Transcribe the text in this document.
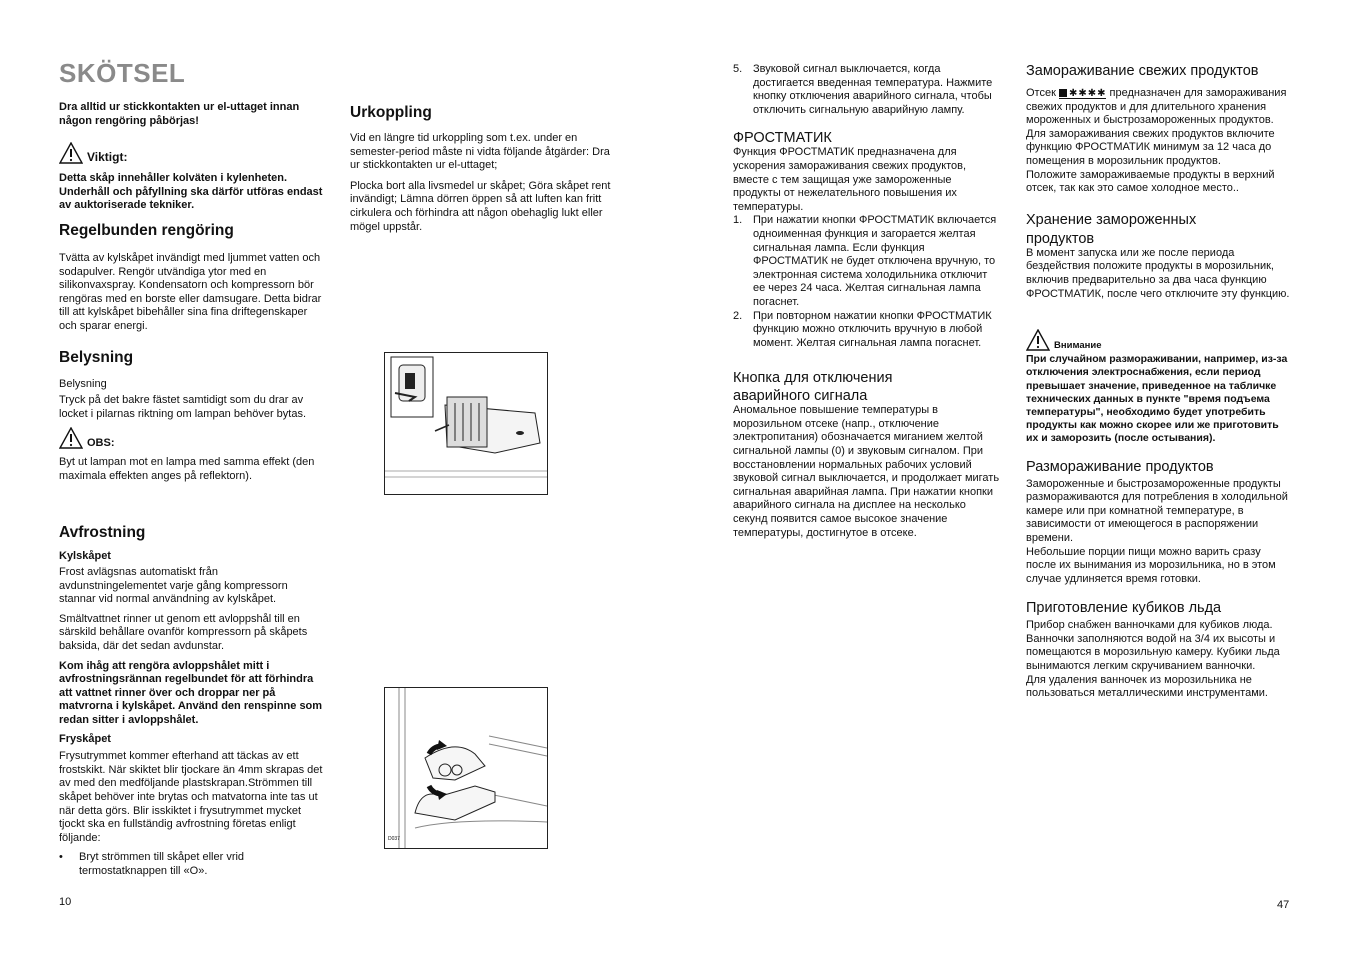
SKÖTSEL

Dra alltid ur stickkontakten ur el-uttaget innan någon rengöring påbörjas!

Viktigt:

Detta skåp innehåller kolväten i kylenheten. Underhåll och påfyllning ska därför utföras endast av auktoriserade tekniker.

Regelbunden rengöring

Tvätta av kylskåpet invändigt med ljummet vatten och sodapulver. Rengör utvändiga ytor med en silikonvaxspray. Kondensatorn och kompressorn bör rengöras med en borste eller damsugare. Detta bidrar till att kylskåpet bibehåller sina fina driftegenskaper och sparar energi.

Belysning

Belysning

Tryck på det bakre fästet samtidigt som du drar av locket i pilarnas riktning om lampan behöver bytas.

OBS:

Byt ut lampan mot en lampa med samma effekt (den maximala effekten anges på reflektorn).

Avfrostning

Kylskåpet

Frost avlägsnas automatiskt från avdunstningelementet varje gång kompressorn stannar vid normal användning av kylskåpet.

Smältvattnet rinner ut genom ett avloppshål till en särskild behållare ovanför kompressorn på skåpets baksida, där det sedan avdunstar.

Kom ihåg att rengöra avloppshålet mitt i avfrostningsrännan regelbundet för att förhindra att vattnet rinner över och droppar ner på matvrorna i kylskåpet. Använd den renspinne som redan sitter i avloppshålet.

Fryskåpet

Frysutrymmet kommer efterhand att täckas av ett frostskikt. När skiktet blir tjockare än 4mm skrapas det av med den medföljande plastskrapan.Strömmen till skåpet behöver inte brytas och matvatorna inte tas ut när detta görs. Blir isskiktet i frysutrymmet mycket tjockt ska en fullständig avfrostning företas enligt följande:

•	Bryt strömmen till skåpet eller vrid termostatknappen till «O».
10
Urkoppling

Vid en längre tid urkoppling som t.ex. under en semester-period måste ni vidta följande åtgärder: Dra ur stickkontakten ur el-uttaget;

Plocka bort alla livsmedel ur skåpet; Göra skåpet rent invändigt; Lämna dörren öppen så att luften kan fritt cirkulera och förhindra att någon obehaglig lukt eller mögel uppstår.

D037
5. Звуковой сигнал выключается, когда достигается введенная температура. Нажмите кнопку отключения аварийного сигнала, чтобы отключить сигнальную аварийную лампу.
ФРОСТМАТИК

Функция ФРОСТМАТИК предназначена для ускорения замораживания свежих продуктов, вместе с тем защищая уже замороженные продукты от нежелательного повышения их температуры.

1. При нажатии кнопки ФРОСТМАТИК включается одноименная функция и загорается желтая сигнальная лампа. Если функция ФРОСТМАТИК не будет отключена вручную, то электронная система холодильника отключит ее через 24 часа. Желтая сигнальная лампа погаснет.
2. При повторном нажатии кнопки ФРОСТМАТИК функцию можно отключить вручную в любой момент. Желтая сигнальная лампа погаснет.
Кнопка для отключения
аварийного сигнала

Аномальное повышение температуры в морозильном отсеке (напр., отключение электропитания) обозначается миганием желтой сигнальной лампы (0) и звуковым сигналом. При восстановлении нормальных рабочих условий звуковой сигнал выключается, и продолжает мигать сигнальная аварийная лампа. При нажатии кнопки аварийного сигнала на дисплее на несколько секунд появится самое высокое значение температуры, достигнутое в отсеке.

Замораживание свежих продуктов

Отсек ✱✱✱✱ предназначен для замораживания свежих продуктов и для длительного хранения мороженных и быстрозамороженных продуктов.

Для замораживания свежих продуктов включите функцию ФРОСТМАТИК минимум за 12 часа до помещения в морозильник продуктов.

Положите замораживаемые продукты в верхний отсек, так как это самое холодное место..

Хранение замороженных
продуктов

В момент запуска или же после периода бездействия положите продукты в морозильник, включив предварительно за два часа функцию ФРОСТМАТИК, после чего отключите эту функцию.

Внимание

При случайном размораживании, например, из-за отключения электроснабжения, если период превышает значение, приведенное на табличке технических данных в пункте "время подъема температуры", необходимо будет употребить продукты как можно скорее или же приготовить их и заморозить (после остывания).

Размораживание продуктов

Замороженные и быстрозамороженные продукты размораживаются для потребления в холодильной камере или при комнатной температуре, в зависимости от имеющегося в распоряжении времени.

Небольшие порции пищи можно варить сразу после их вынимания из морозильника, но в этом случае удлиняется время готовки.

Приготовление кубиков льда

Прибор снабжен ванночками для кубиков люда. Ванночки заполняются водой на 3/4 их высоты и помещаются в морозильную камеру. Кубики льда вынимаются легким скручиванием ванночки.

Для удаления ванночек из морозильника не пользоваться металлическими инструментами.

47
